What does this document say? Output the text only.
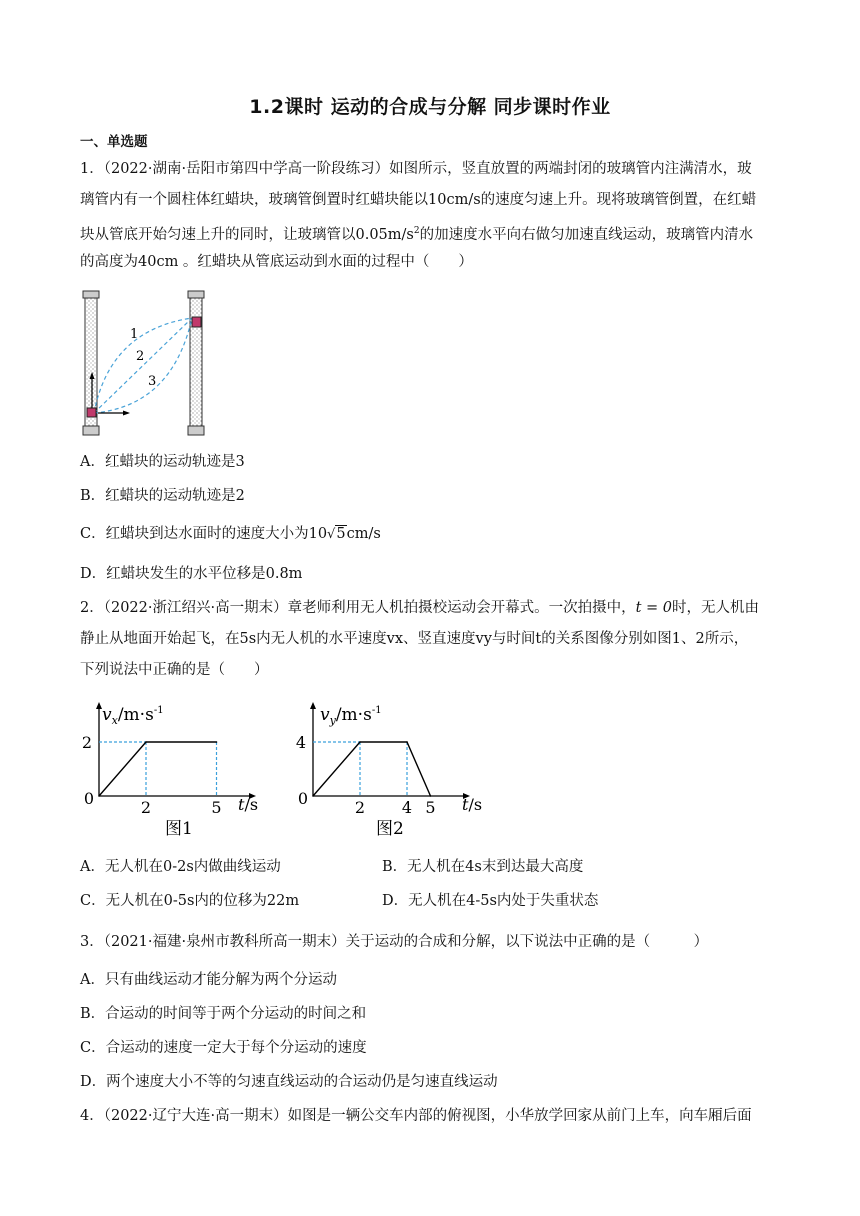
1.2课时 运动的合成与分解 同步课时作业
一、单选题
1．（2022·湖南·岳阳市第四中学高一阶段练习）如图所示，竖直放置的两端封闭的玻璃管内注满清水，玻
璃管内有一个圆柱体红蜡块，玻璃管倒置时红蜡块能以10cm/s的速度匀速上升。现将玻璃管倒置，在红蜡
块从管底开始匀速上升的同时，让玻璃管以$0.05m/s^2$的加速度水平向右做匀加速直线运动，玻璃管内清水
的高度为40cm 。红蜡块从管底运动到水面的过程中（　　）
1
2
3
A．红蜡块的运动轨迹是3
B．红蜡块的运动轨迹是2
C．红蜡块到达水面时的速度大小为10√5cm/s
D．红蜡块发生的水平位移是0.8m
2．（2022·浙江绍兴·高一期末）章老师利用无人机拍摄校运动会开幕式。一次拍摄中，t = 0时，无人机由
静止从地面开始起飞，在5s内无人机的水平速度vx、竖直速度vy与时间t的关系图像分别如图1、2所示，
下列说法中正确的是（　　）
$v_x/m\cdot s^{-1}$
0	2	5
2
t/s
图1
$v_y/m\cdot s^{-1}$
0	2 4 5
4
t/s
图2
A．无人机在0-2s内做曲线运动	B．无人机在4s末到达最大高度
C．无人机在0-5s内的位移为22m	D．无人机在4-5s内处于失重状态
3．（2021·福建·泉州市教科所高一期末）关于运动的合成和分解，以下说法中正确的是（　　　）
A．只有曲线运动才能分解为两个分运动
B．合运动的时间等于两个分运动的时间之和
C．合运动的速度一定大于每个分运动的速度
D．两个速度大小不等的匀速直线运动的合运动仍是匀速直线运动
4．（2022·辽宁大连·高一期末）如图是一辆公交车内部的俯视图，小华放学回家从前门上车，向车厢后面
